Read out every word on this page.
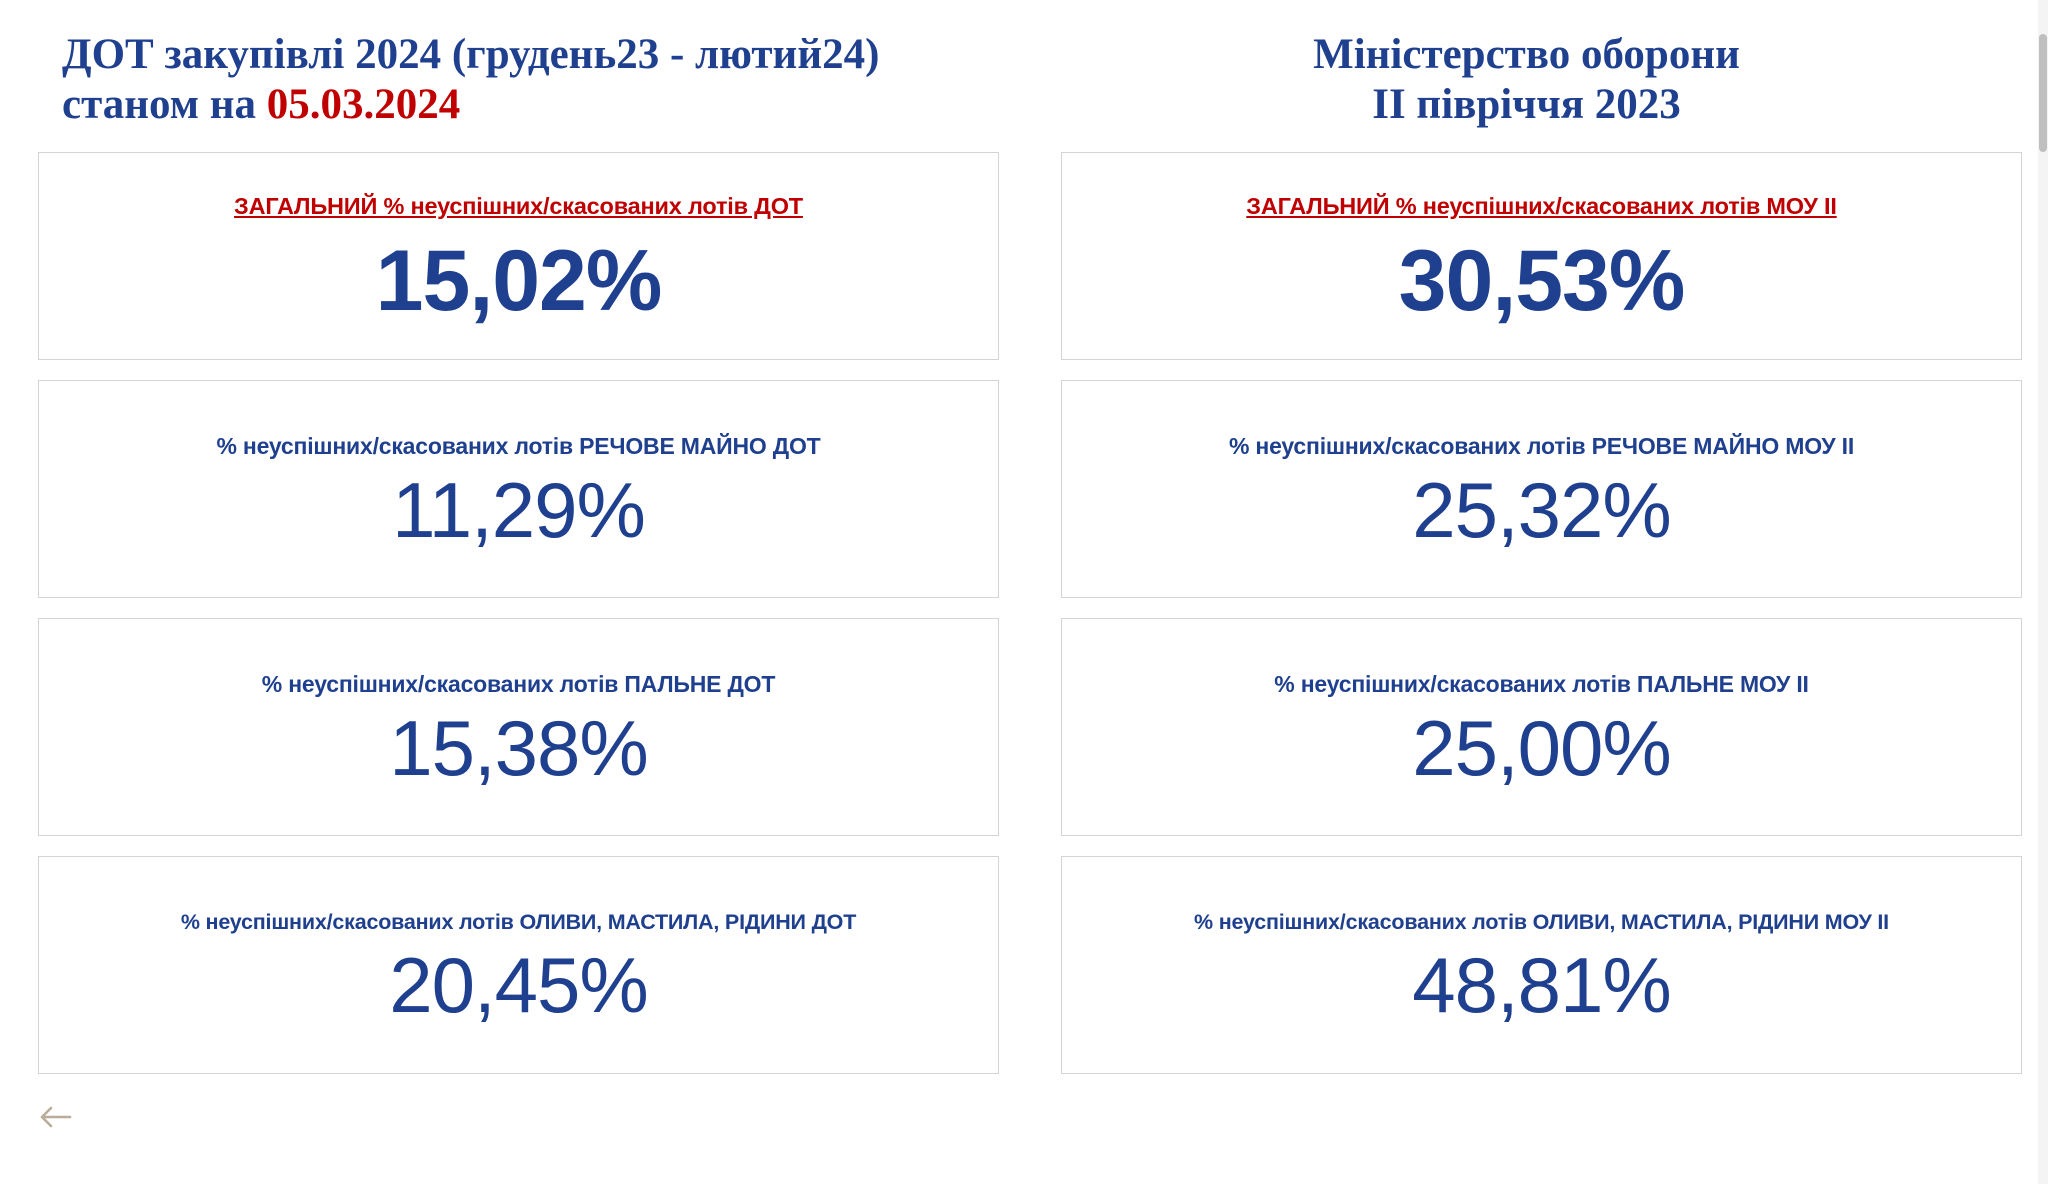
ДОТ закупівлі 2024 (грудень23 - лютий24) станом на 05.03.2024
ЗАГАЛЬНИЙ % неуспішних/скасованих лотів ДОТ
15,02%
% неуспішних/скасованих лотів РЕЧОВЕ МАЙНО ДОТ
11,29%
% неуспішних/скасованих лотів ПАЛЬНЕ ДОТ
15,38%
% неуспішних/скасованих лотів ОЛИВИ, МАСТИЛА, РІДИНИ ДОТ
20,45%
Міністерство оборони
ІІ півріччя 2023
ЗАГАЛЬНИЙ % неуспішних/скасованих лотів МОУ ІІ
30,53%
% неуспішних/скасованих лотів РЕЧОВЕ МАЙНО МОУ ІІ
25,32%
% неуспішних/скасованих лотів ПАЛЬНЕ МОУ ІІ
25,00%
% неуспішних/скасованих лотів ОЛИВИ, МАСТИЛА, РІДИНИ МОУ ІІ
48,81%
